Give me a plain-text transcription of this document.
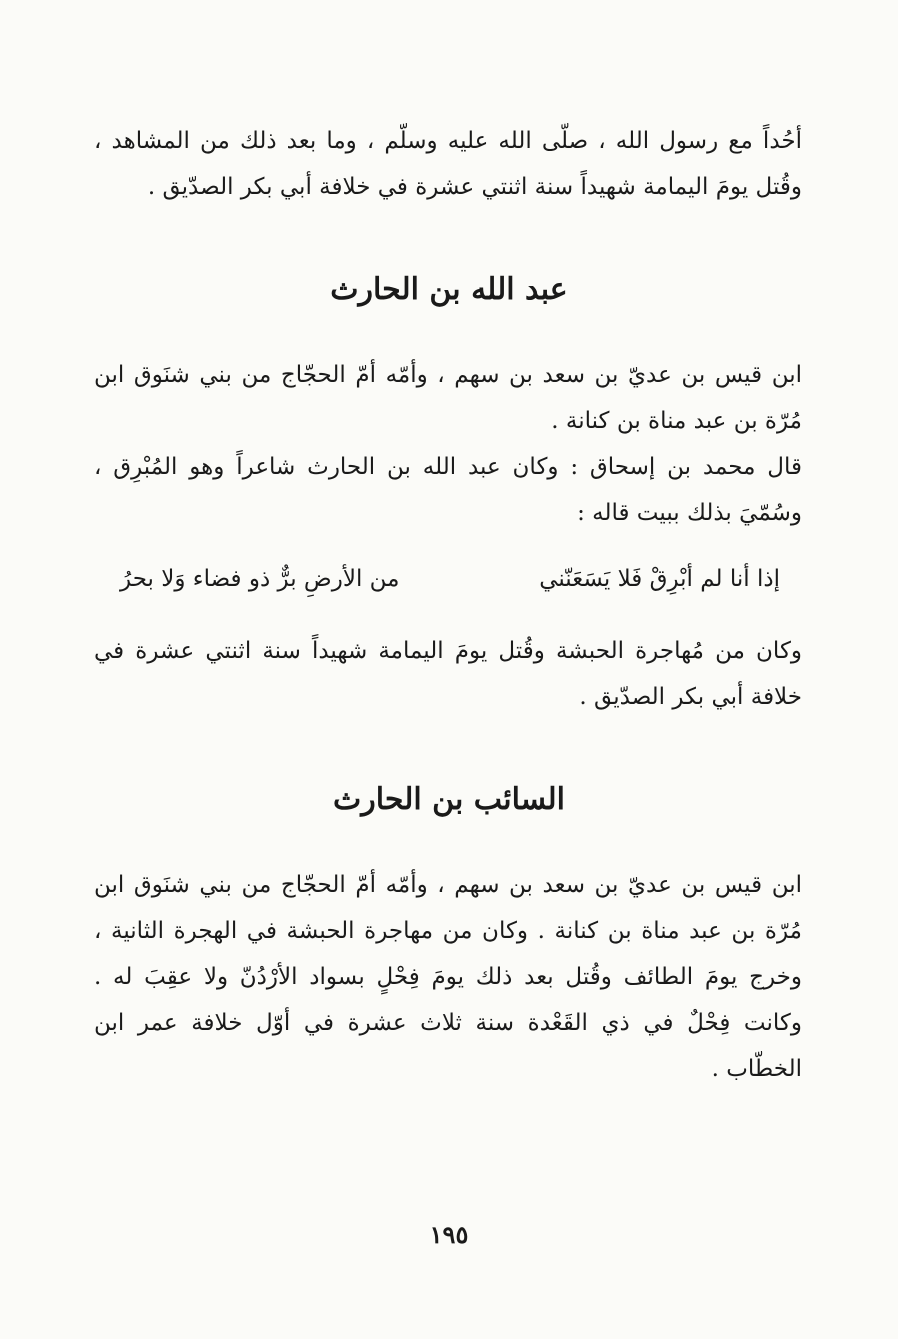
أحُداً مع رسول الله ، صلّى الله عليه وسلّم ، وما بعد ذلك من المشاهد ، وقُتل يومَ اليمامة شهيداً سنة اثنتي عشرة في خلافة أبي بكر الصدّيق .

عبد الله بن الحارث

ابن قيس بن عديّ بن سعد بن سهم ، وأمّه أمّ الحجّاج من بني شنَوق ابن مُرّة بن عبد مناة بن كنانة .

قال محمد بن إسحاق : وكان عبد الله بن الحارث شاعراً وهو المُبْرِق ، وسُمّيَ بذلك ببيت قاله :

إذا أنا لم أبْرِقْ فَلا يَسَعَنّني
من الأرضِ برٌّ ذو فضاء وَلا بحرُ

وكان من مُهاجرة الحبشة وقُتل يومَ اليمامة شهيداً سنة اثنتي عشرة في خلافة أبي بكر الصدّيق .

السائب بن الحارث

ابن قيس بن عديّ بن سعد بن سهم ، وأمّه أمّ الحجّاج من بني شنَوق ابن مُرّة بن عبد مناة بن كنانة . وكان من مهاجرة الحبشة في الهجرة الثانية ، وخرج يومَ الطائف وقُتل بعد ذلك يومَ فِحْلٍ بسواد الأرْدُنّ ولا عقِبَ له . وكانت فِحْلٌ في ذي القَعْدة سنة ثلاث عشرة في أوّل خلافة عمر ابن الخطّاب .

١٩٥
